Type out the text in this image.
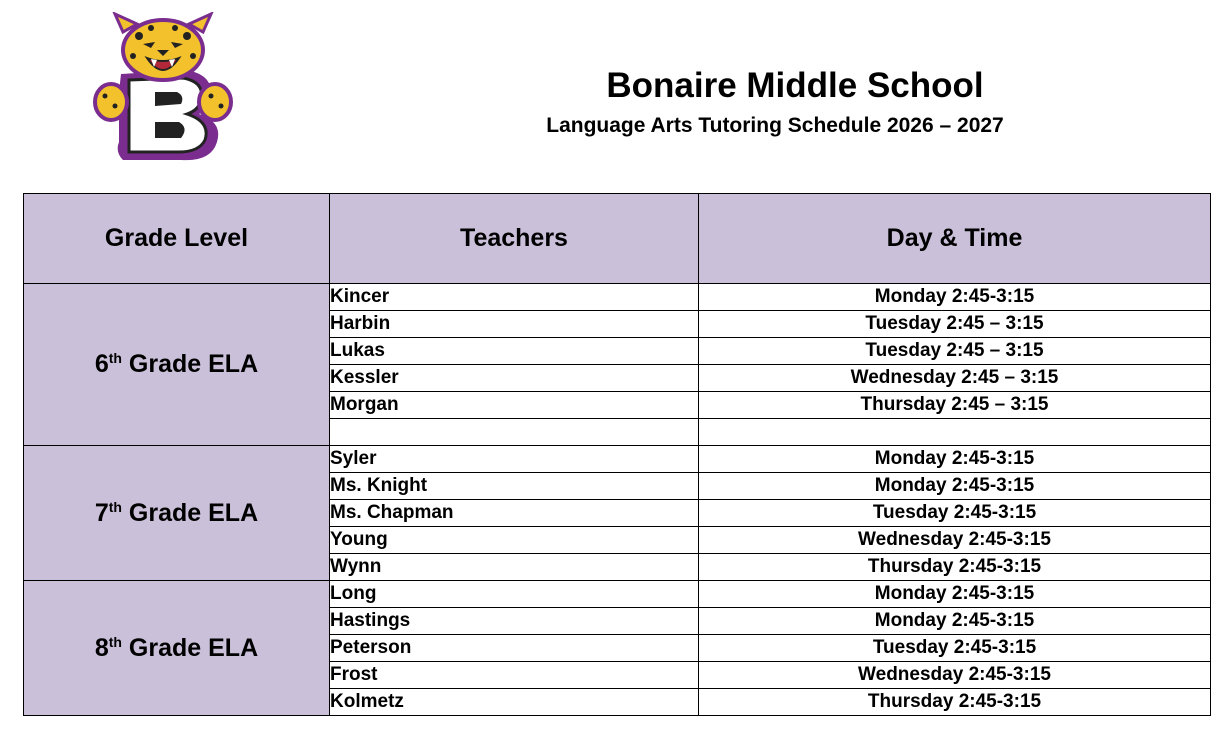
Bonaire Middle School
Language Arts Tutoring Schedule 2026 – 2027
Grade Level	Teachers	Day & Time
6th Grade ELA	Kincer	Monday 2:45-3:15
	Harbin	Tuesday 2:45 – 3:15
	Lukas	Tuesday 2:45 – 3:15
	Kessler	Wednesday 2:45 – 3:15
	Morgan	Thursday 2:45 – 3:15

7th Grade ELA	Syler	Monday 2:45-3:15
	Ms. Knight	Monday 2:45-3:15
	Ms. Chapman	Tuesday 2:45-3:15
	Young	Wednesday 2:45-3:15
	Wynn	Thursday 2:45-3:15
8th Grade ELA	Long	Monday 2:45-3:15
	Hastings	Monday 2:45-3:15
	Peterson	Tuesday 2:45-3:15
	Frost	Wednesday 2:45-3:15
	Kolmetz	Thursday 2:45-3:15
